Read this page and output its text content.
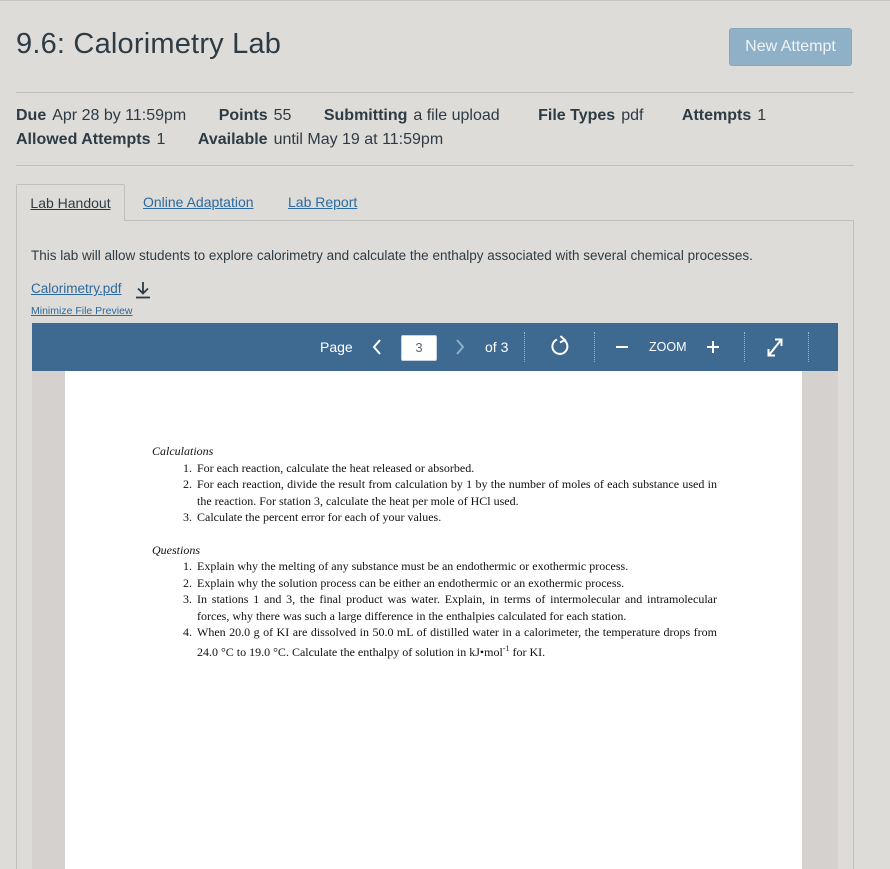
9.6: Calorimetry Lab	New Attempt
Due Apr 28 by 11:59pm Points 55 Submitting a file upload File Types pdf Attempts 1
Allowed Attempts 1 Available until May 19 at 11:59pm
Lab Handout	Online Adaptation Lab Report

This lab will allow students to explore calorimetry and calculate the enthalpy associated with several chemical processes.

Calorimetry.pdf
Minimize File Preview
Page	3	of 3	ZOOM
Calculations
1. For each reaction, calculate the heat released or absorbed.
2. For each reaction, divide the result from calculation by 1 by the number of moles of each substance used in the reaction. For station 3, calculate the heat per mole of HCl used.
3. Calculate the percent error for each of your values.
Questions
1. Explain why the melting of any substance must be an endothermic or exothermic process.
2. Explain why the solution process can be either an endothermic or an exothermic process.
3. In stations 1 and 3, the final product was water. Explain, in terms of intermolecular and intramolecular forces, why there was such a large difference in the enthalpies calculated for each station.
4. When 20.0 g of KI are dissolved in 50.0 mL of distilled water in a calorimeter, the temperature drops from 24.0 °C to 19.0 °C. Calculate the enthalpy of solution in kJ•mol$^{-1}$ for KI.
